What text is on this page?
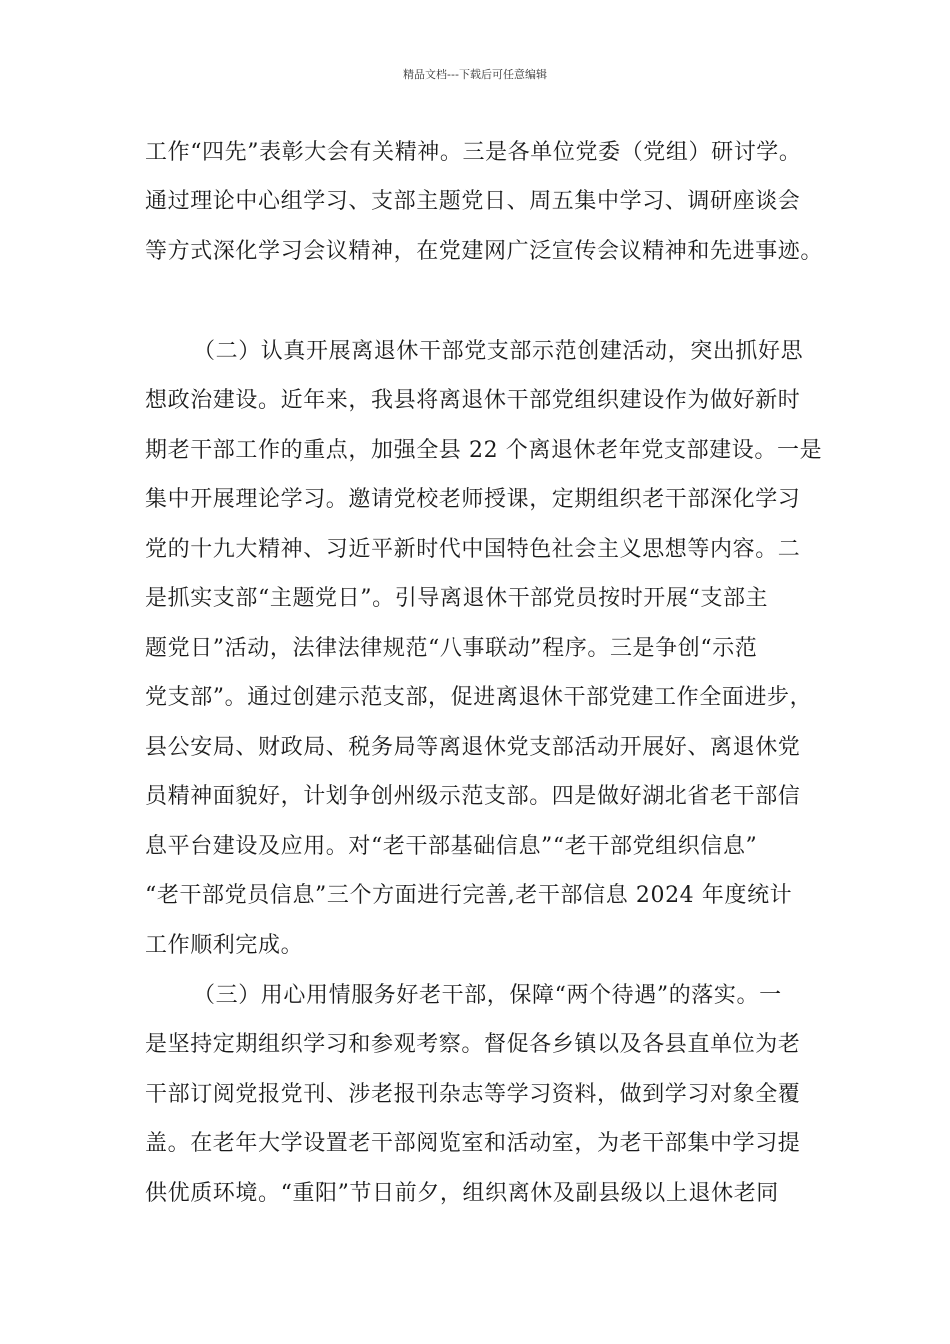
精品文档---下载后可任意编辑
工作“四先”表彰大会有关精神。三是各单位党委（党组）研讨学。
通过理论中心组学习、支部主题党日、周五集中学习、调研座谈会
等方式深化学习会议精神，在党建网广泛宣传会议精神和先进事迹。
（二）认真开展离退休干部党支部示范创建活动，突出抓好思
想政治建设。近年来，我县将离退休干部党组织建设作为做好新时
期老干部工作的重点，加强全县 22 个离退休老年党支部建设。一是
集中开展理论学习。邀请党校老师授课，定期组织老干部深化学习
党的十九大精神、习近平新时代中国特色社会主义思想等内容。二
是抓实支部“主题党日”。引导离退休干部党员按时开展“支部主
题党日”活动，法律法律规范“八事联动”程序。三是争创“示范
党支部”。通过创建示范支部，促进离退休干部党建工作全面进步，
县公安局、财政局、税务局等离退休党支部活动开展好、离退休党
员精神面貌好，计划争创州级示范支部。四是做好湖北省老干部信
息平台建设及应用。对“老干部基础信息”“老干部党组织信息”
“老干部党员信息”三个方面进行完善,老干部信息 2024 年度统计
工作顺利完成。
（三）用心用情服务好老干部，保障“两个待遇”的落实。一
是坚持定期组织学习和参观考察。督促各乡镇以及各县直单位为老
干部订阅党报党刊、涉老报刊杂志等学习资料，做到学习对象全覆
盖。在老年大学设置老干部阅览室和活动室，为老干部集中学习提
供优质环境。“重阳”节日前夕，组织离休及副县级以上退休老同
